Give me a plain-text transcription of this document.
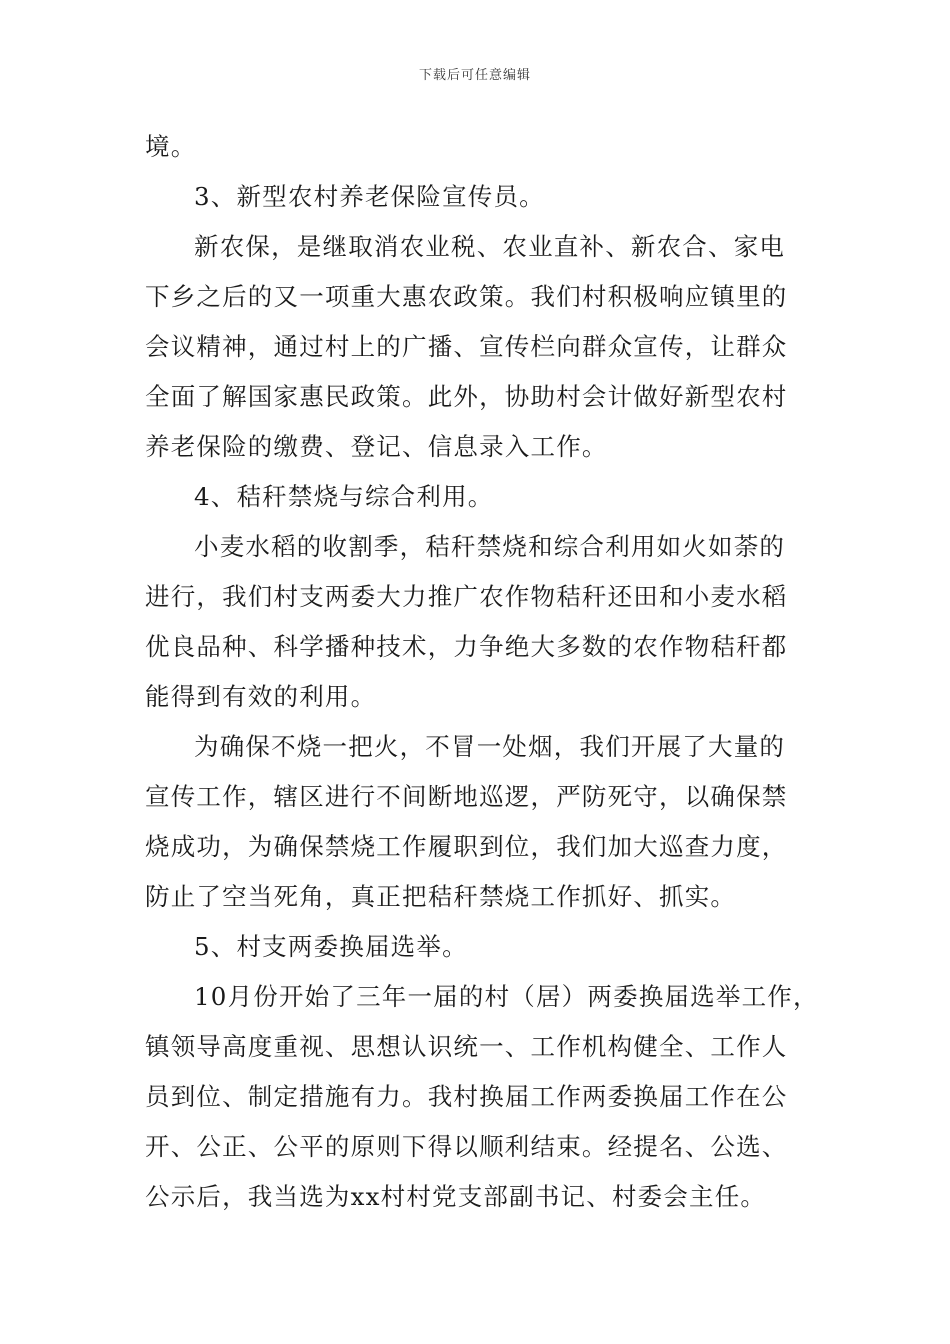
下载后可任意编辑
境。
3、新型农村养老保险宣传员。
新农保，是继取消农业税、农业直补、新农合、家电
下乡之后的又一项重大惠农政策。我们村积极响应镇里的
会议精神，通过村上的广播、宣传栏向群众宣传，让群众
全面了解国家惠民政策。此外，协助村会计做好新型农村
养老保险的缴费、登记、信息录入工作。
4、秸秆禁烧与综合利用。
小麦水稻的收割季，秸秆禁烧和综合利用如火如荼的
进行，我们村支两委大力推广农作物秸秆还田和小麦水稻
优良品种、科学播种技术，力争绝大多数的农作物秸秆都
能得到有效的利用。
为确保不烧一把火，不冒一处烟，我们开展了大量的
宣传工作，辖区进行不间断地巡逻，严防死守，以确保禁
烧成功，为确保禁烧工作履职到位，我们加大巡查力度，
防止了空当死角，真正把秸秆禁烧工作抓好、抓实。
5、村支两委换届选举。
10月份开始了三年一届的村（居）两委换届选举工作，
镇领导高度重视、思想认识统一、工作机构健全、工作人
员到位、制定措施有力。我村换届工作两委换届工作在公
开、公正、公平的原则下得以顺利结束。经提名、公选、
公示后，我当选为xx村村党支部副书记、村委会主任。
